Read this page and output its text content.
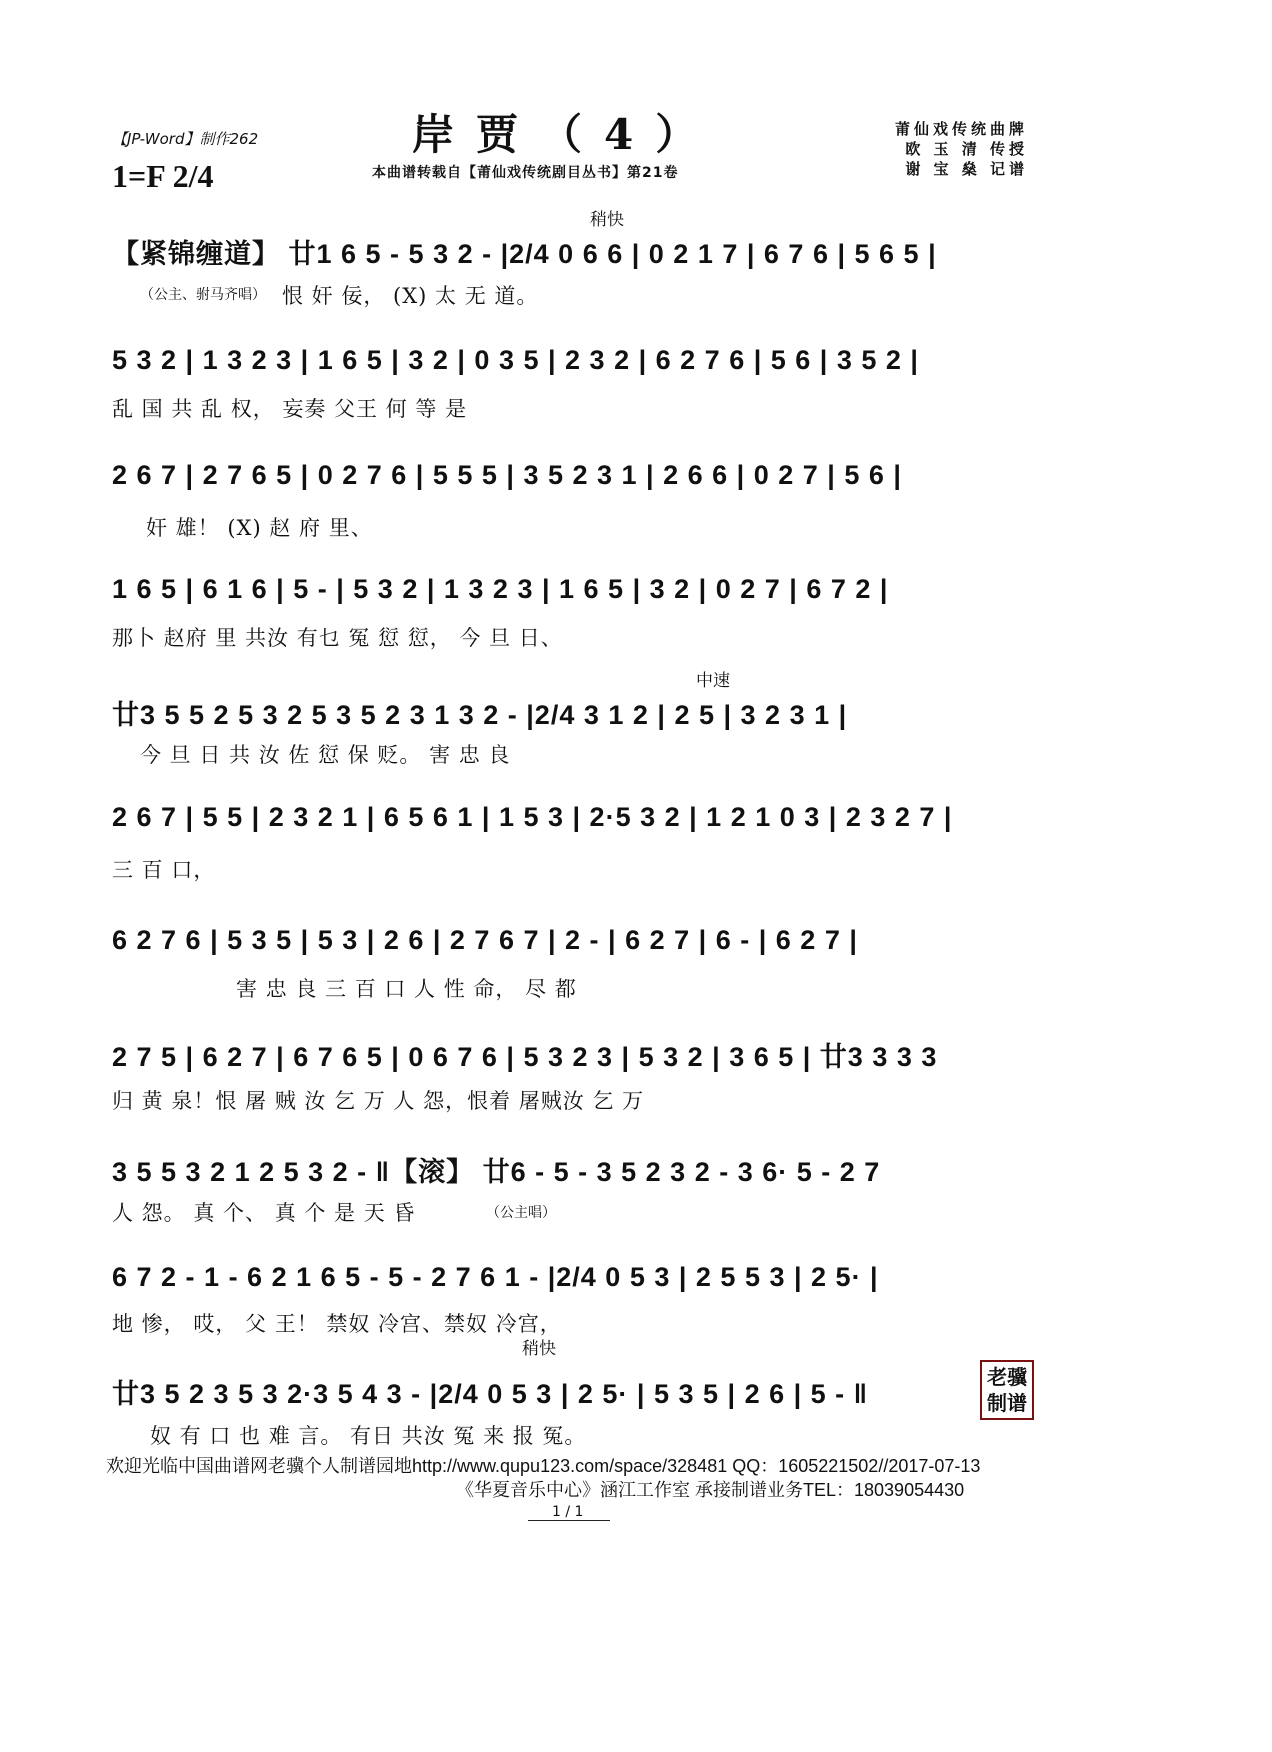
【JP-Word】制作262	岸贾（4）
1=F 2/4	本曲谱转载自【莆仙戏传统剧目丛书】第21卷
莆仙戏传统曲牌
欧 玉 清 传授
谢 宝 燊 记谱
稍快
【紧锦缠道】 廿1 6 5 - 5 3 2 - |2/4 0 6 6 | 0 2 1 7 | 6 7 6 | 5 6 5 |
（公主、驸马齐唱） 恨 奸 佞， (X) 太 无 道。
5 3 2 | 1 3 2 3 | 1 6 5 | 3 2 | 0 3 5 | 2 3 2 | 6 2 7 6 | 5 6 | 3 5 2 |
乱 国 共 乱 权， 妄奏 父王 何 等 是
2 6 7 | 2 7 6 5 | 0 2 7 6 | 5 5 5 | 3 5 2 3 1 | 2 6 6 | 0 2 7 | 5 6 |
奸 雄！ (X) 赵 府 里、
1 6 5 | 6 1 6 | 5 - | 5 3 2 | 1 3 2 3 | 1 6 5 | 3 2 | 0 2 7 | 6 7 2 |
那卜 赵府 里 共汝 有乜 冤 愆 愆， 今 旦 日、
中速
廿3 5 5 2 5 3 2 5 3 5 2 3 1 3 2 - |2/4 3 1 2 | 2 5 | 3 2 3 1 |
今 旦 日 共 汝 佐 愆 保 贬。 害 忠 良
2 6 7 | 5 5 | 2 3 2 1 | 6 5 6 1 | 1 5 3 | 2·5 3 2 | 1 2 1 0 3 | 2 3 2 7 |
三 百 口，
6 2 7 6 | 5 3 5 | 5 3 | 2 6 | 2 7 6 7 | 2 - | 6 2 7 | 6 - | 6 2 7 |
害 忠 良 三 百 口 人 性 命， 尽 都
2 7 5 | 6 2 7 | 6 7 6 5 | 0 6 7 6 | 5 3 2 3 | 5 3 2 | 3 6 5 | 廿3 3 3 3
归 黄 泉！恨 屠 贼 汝 乞 万 人 怨，恨着 屠贼汝 乞 万
3 5 5 3 2 1 2 5 3 2 - ‖【滚】 廿6 - 5 - 3 5 2 3 2 - 3 6· 5 - 2 7
（公主唱）
人 怨。 真 个、 真 个 是 天 昏
6 7 2 - 1 - 6 2 1 6 5 - 5 - 2 7 6 1 - |2/4 0 5 3 | 2 5 5 3 | 2 5· |
地 惨， 哎， 父 王！ 禁奴 冷宫、禁奴 冷宫，
稍快
廿3 5 2 3 5 3 2·3 5 4 3 - |2/4 0 5 3 | 2 5· | 5 3 5 | 2 6 | 5 - ‖
奴 有 口 也 难 言。 有日 共汝 冤 来 报 冤。
老骥制谱
欢迎光临中国曲谱网老骥个人制谱园地http://www.qupu123.com/space/328481 QQ：1605221502//2017-07-13
《华夏音乐中心》涵江工作室 承接制谱业务TEL：18039054430
1 / 1
